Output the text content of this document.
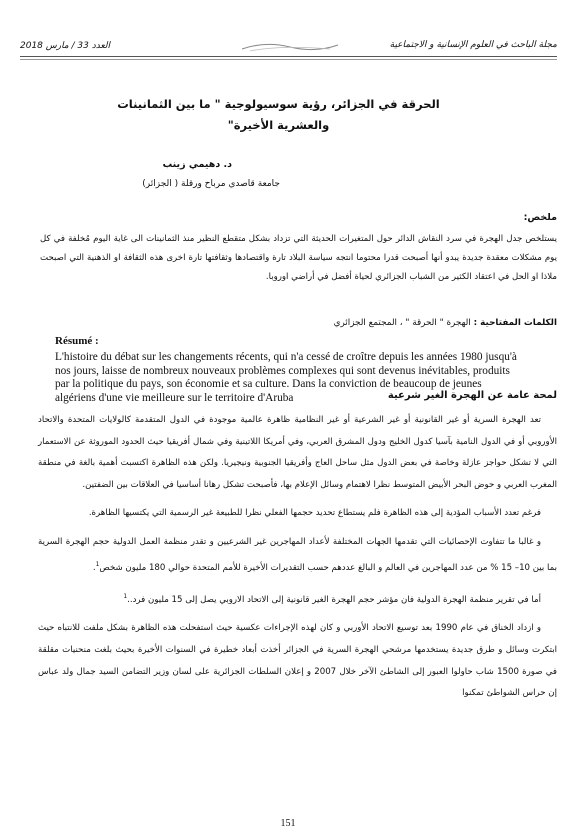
مجلة الباحث في العلوم الإنسانية و الاجتماعية
العدد 33 / مارس 2018
الحرقة في الجزائر، رؤية سوسيولوجية " ما بين الثمانينات
والعشرية الأخيرة"
د. دهيمي زينب
جامعة قاصدي مرباح ورقلة ( الجزائر)
ملخص:
يستلخص جدل الهجرة في سرد النقاش الدائر حول المتغيرات الحديثة التي تزداد بشكل متقطع النظير منذ الثمانينات الى غاية اليوم مُخلفة في كل يوم مشكلات معقدة جديدة يبدو أنها أصبحت قدرا محتوما انتجه سياسة البلاد تارة واقتصادها وثقافتها تارة اخرى هذه الثقافة او الذهنية التي اصبحت ملاذا او الحل في اعتقاد الكثير من الشباب الجزائري لحياة أفضل في أراضي اوروبا.
الكلمات المفتاحية : الهجرة " الحرقة " ، المجتمع الجزائري
Résumé :
L'histoire du débat sur les changements récents, qui n'a cessé de croître depuis les années 1980 jusqu'à nos jours, laisse de nombreux nouveaux problèmes complexes qui sont devenus inévitables, produits par la politique du pays, son économie et sa culture. Dans la conviction de beaucoup de jeunes algériens d'une vie meilleure sur le territoire d'Aruba	لمحة عامة عن الهجرة الغير شرعية

تعد الهجرة السرية أو غير القانونية أو غير الشرعية أو غير النظامية ظاهرة عالمية موجودة في الدول المتقدمة كالولايات المتحدة والاتحاد الأوروبي أو في الدول النامية بآسيا كدول الخليج ودول المشرق العربي، وفي أمريكا اللاتينية وفي شمال أفريقيا حيث الحدود الموروثة عن الاستعمار التي لا تشكل حواجز عازلة وخاصة في بعض الدول مثل ساحل العاج وأفريقيا الجنوبية ونيجيريا. ولكن هذه الظاهرة اكتسبت أهمية بالغة في منطقة المغرب العربي و حوض البحر الأبيض المتوسط نظرا لاهتمام وسائل الإعلام بها، فأصبحت تشكل رهانا أساسيا في العلاقات بين الضفتين.

فرغم تعدد الأسباب المؤدية إلى هذه الظاهرة فلم يستطاع تحديد حجمها الفعلي نظرا للطبيعة غير الرسمية التي يكتسيها الظاهرة.

و غالبا ما تتفاوت الإحصائيات التي تقدمها الجهات المختلفة لأعداد المهاجرين غير الشرعيين و تقدر منظمة العمل الدولية حجم الهجرة السرية بما بين 10– 15 % من عدد المهاجرين في العالم و البالغ عددهم حسب التقديرات الأخيرة للأمم المتحدة حوالي 180 مليون شخص$^1$.

أما في تقرير منظمة الهجرة الدولية فان مؤشر حجم الهجرة الغير قانونية إلى الاتحاد الاروبي يصل إلى 15 مليون فرد..$^1$

و ازداد الخناق في عام 1990 بعد توسيع الاتحاد الأوربي و كان لهذه الإجراءات عكسية حيث استفحلت هذه الظاهرة بشكل ملفت للانتباه حيث ابتكرت وسائل و طرق جديدة يستخدمها مرشحي الهجرة السرية في الجزائر أخذت أبعاد خطيرة في السنوات الأخيرة بحيث بلغت منحنيات مقلقة في صورة 1500 شاب حاولوا العبور إلى الشاطئ الآخر خلال 2007 و إعلان السلطات الجزائرية على لسان وزير التضامن السيد جمال ولد عباس إن حراس الشواطئ تمكنوا

151
